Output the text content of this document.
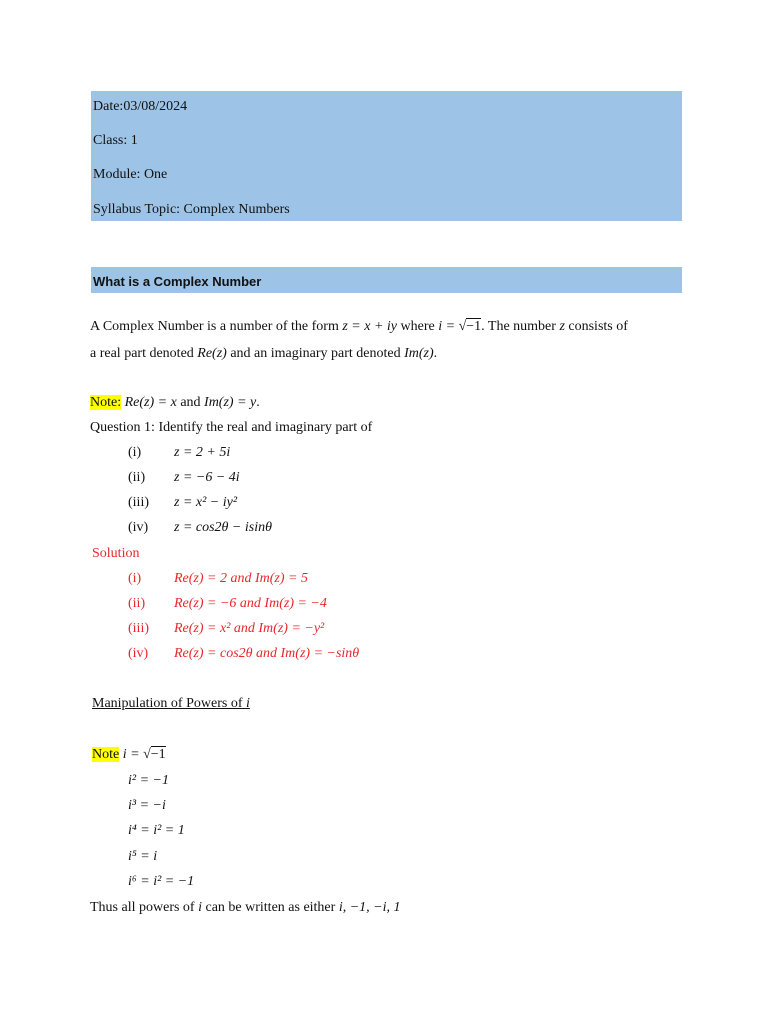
Date:03/08/2024
Class: 1
Module: One
Syllabus Topic: Complex Numbers
What is a Complex Number
A Complex Number is a number of the form z = x + iy where i = √−1. The number z consists of
a real part denoted Re(z) and an imaginary part denoted Im(z).
Note: Re(z) = x and Im(z) = y.
Question 1: Identify the real and imaginary part of
(i) z = 2 + 5i
(ii) z = −6 − 4i
(iii) z = x² − iy²
(iv) z = cos2θ − isinθ
Solution
(i) Re(z) = 2 and Im(z) = 5
(ii) Re(z) = −6 and Im(z) = −4
(iii) Re(z) = x² and Im(z) = −y²
(iv) Re(z) = cos2θ and Im(z) = −sinθ
Manipulation of Powers of i
Note i = √−1
i² = −1
i³ = −i
i⁴ = i² = 1
i⁵ = i
i⁶ = i² = −1
Thus all powers of i can be written as either i, −1, −i, 1
